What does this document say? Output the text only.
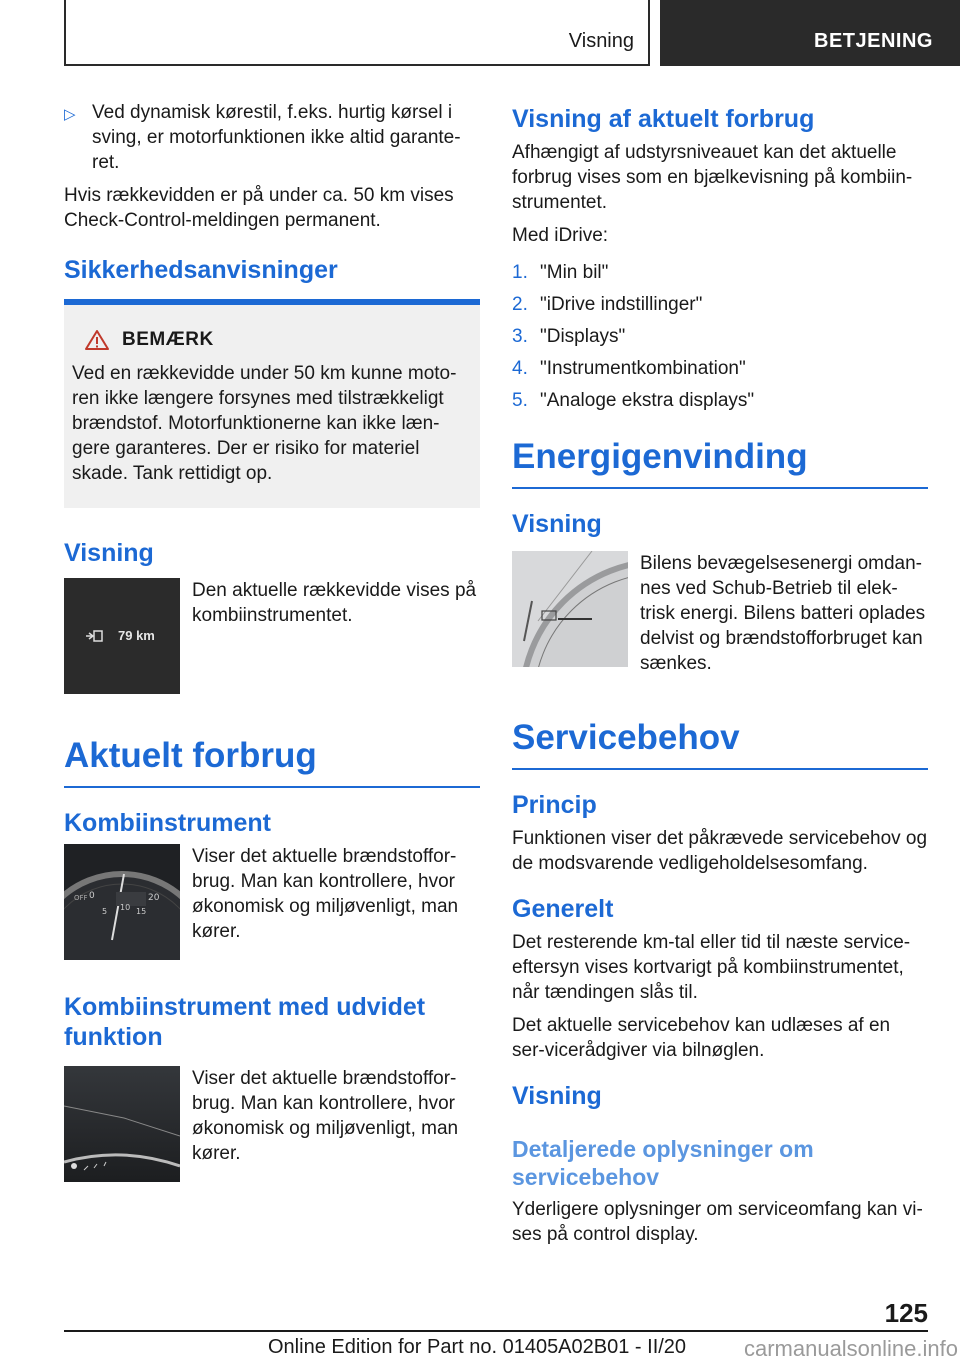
Visning	BETJENING
▷ Ved dynamisk kørestil, f.eks. hurtig kørsel i sving, er motorfunktionen ikke altid garante-ret.

Hvis rækkevidden er på under ca. 50 km vises Check-Control-meldingen permanent.

Sikkerhedsanvisninger
BEMÆRK

Ved en rækkevidde under 50 km kunne moto-ren ikke længere forsynes med tilstrækkeligt brændstof. Motorfunktionerne kan ikke læn-gere garanteres. Der er risiko for materiel skade. Tank rettidigt op.

Visning
79 km
Den aktuelle rækkevidde vises på kombiinstrumentet.
Aktuelt forbrug
Kombiinstrument
OFF 0	20
5 10 15
Viser det aktuelle brændstoffor-brug. Man kan kontrollere, hvor økonomisk og miljøvenligt, man kører.
Kombiinstrument med udvidet funktion
Viser det aktuelle brændstoffor-brug. Man kan kontrollere, hvor økonomisk og miljøvenligt, man kører.
Visning af aktuelt forbrug

Afhængigt af udstyrsniveauet kan det aktuelle forbrug vises som en bjælkevisning på kombiin-strumentet.

Med iDrive:

1. "Min bil"
2. "iDrive indstillinger"
3. "Displays"
4. "Instrumentkombination"
5. "Analoge ekstra displays"
Energigenvinding
Visning
Bilens bevægelsesenergi omdan-nes ved Schub-Betrieb til elek-trisk energi. Bilens batteri oplades delvist og brændstofforbruget kan sænkes.
Servicebehov
Princip

Funktionen viser det påkrævede servicebehov og de modsvarende vedligeholdelsesomfang.

Generelt

Det resterende km-tal eller tid til næste service-eftersyn vises kortvarigt på kombiinstrumentet, når tændingen slås til.

Det aktuelle servicebehov kan udlæses af en ser-vicerådgiver via bilnøglen.

Visning
Detaljerede oplysninger om servicebehov

Yderligere oplysninger om serviceomfang kan vi-ses på control display.

125
Online Edition for Part no. 01405A02B01 - II/20	carmanualsonline.info
